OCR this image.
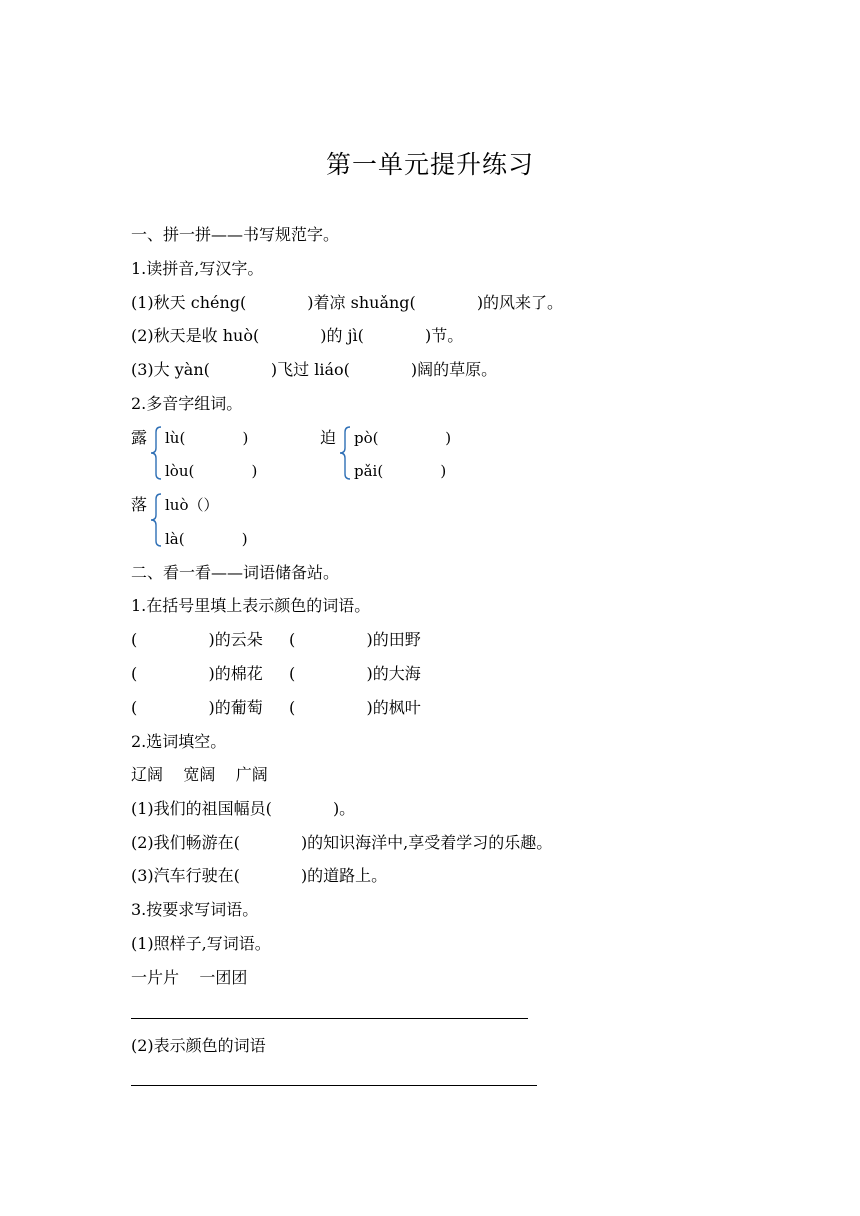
第一单元提升练习
一、拼一拼——书写规范字。
1.读拼音,写汉字。
(1)秋天 chéng(            )着凉 shuǎng(            )的风来了。
(2)秋天是收 huò(            )的 jì(            )节。
(3)大 yàn(            )飞过 liáo(            )阔的草原。
2.多音字组词。
露 lù(            )
lòu(            )
迫 pò(              )
pǎi(            )
落 luò（）
là(            )
二、看一看——词语储备站。
1.在括号里填上表示颜色的词语。
(              )的云朵 (              )的田野
(              )的棉花 (              )的大海
(              )的葡萄 (              )的枫叶
2.选词填空。
辽阔    宽阔    广阔
(1)我们的祖国幅员(            )。
(2)我们畅游在(            )的知识海洋中,享受着学习的乐趣。
(3)汽车行驶在(            )的道路上。
3.按要求写词语。
(1)照样子,写词语。
一片片    一团团
(2)表示颜色的词语
